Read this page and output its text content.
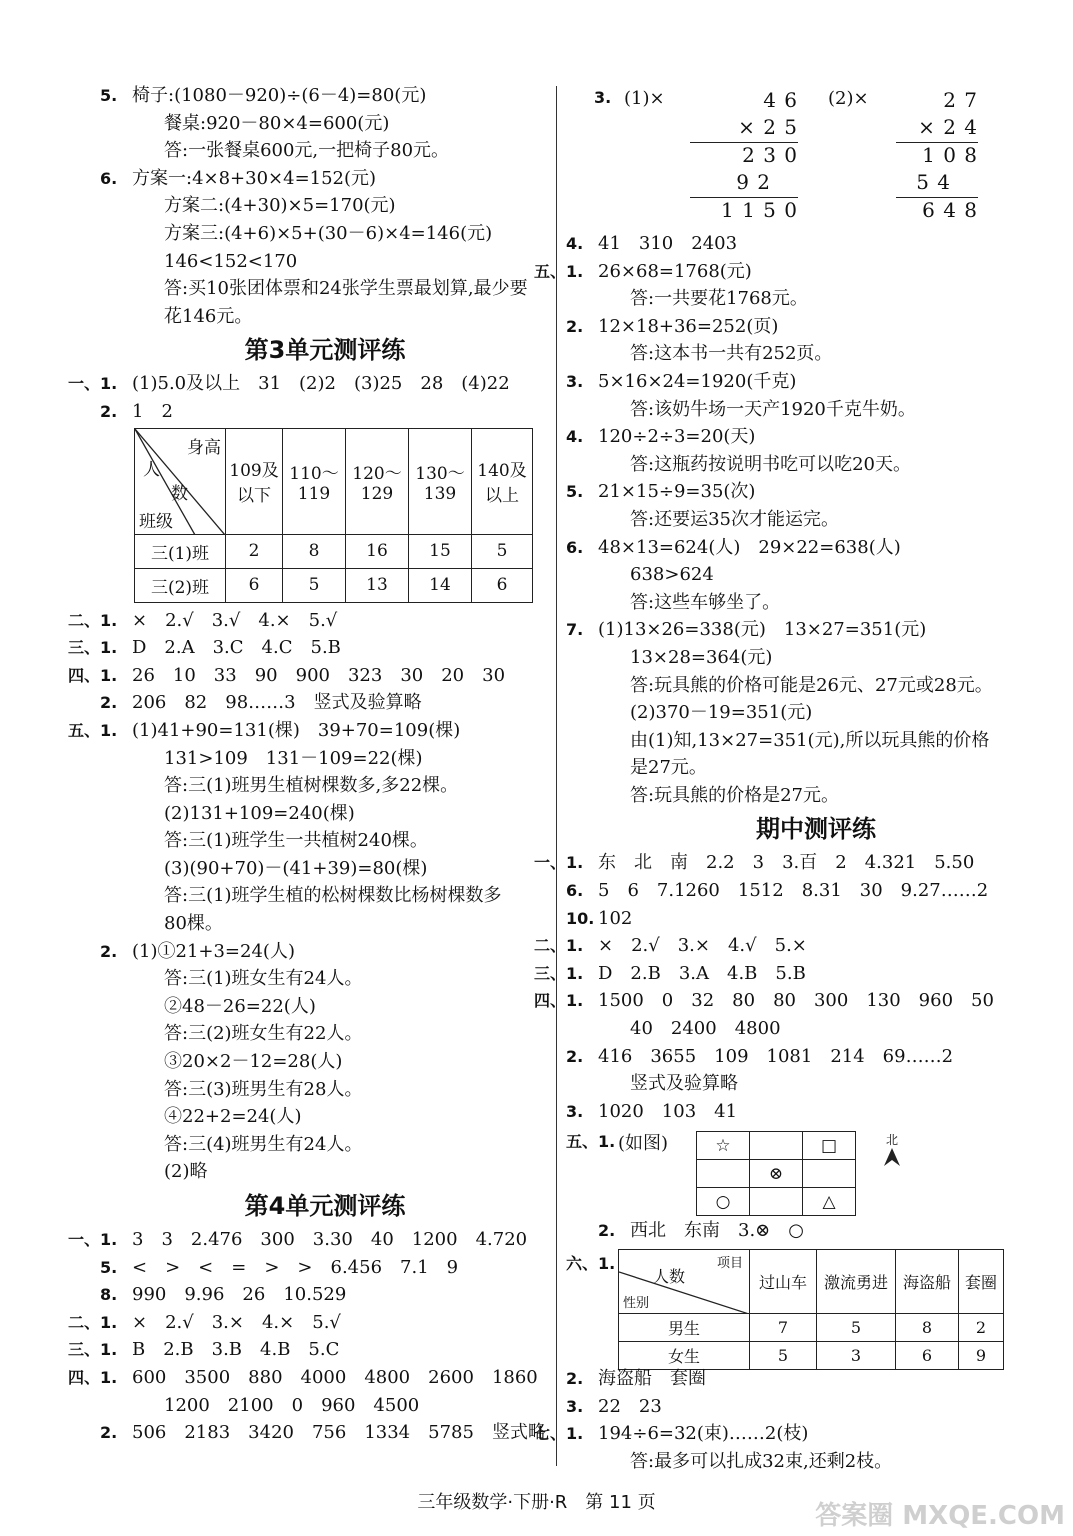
5. 椅子:(1080－920)÷(6－4)=80(元)
餐桌:920－80×4=600(元)
答:一张餐桌600元,一把椅子80元。
6. 方案一:4×8+30×4=152(元)
方案二:(4+30)×5=170(元)
方案三:(4+6)×5+(30－6)×4=146(元)
146<152<170
答:买10张团体票和24张学生票最划算,最少要
花146元。
第3单元测评练
一、1. (1)5.0及以上　31　(2)2　(3)25　28　(4)22
2. 1　2
身高
人
数
班级	109及以下	110～119	120～129	130～139	140及以上
三(1)班	2	8	16	15	5
三(2)班	6	5	13	14	6
二、1. ×　2.√　3.√　4.×　5.√
三、1. D　2.A　3.C　4.C　5.B
四、1. 26　10　33　90　900　323　30　20　30
2. 206　82　98……3　竖式及验算略
五、1. (1)41+90=131(棵)　39+70=109(棵)
131>109　131－109=22(棵)
答:三(1)班男生植树棵数多,多22棵。
(2)131+109=240(棵)
答:三(1)班学生一共植树240棵。
(3)(90+70)－(41+39)=80(棵)
答:三(1)班学生植的松树棵数比杨树棵数多
80棵。
2. (1)①21+3=24(人)
答:三(1)班女生有24人。
②48－26=22(人)
答:三(2)班女生有22人。
③20×2－12=28(人)
答:三(3)班男生有28人。
④22+2=24(人)
答:三(4)班男生有24人。
(2)略
第4单元测评练
一、1. 3　3　2.476　300　3.30　40　1200　4.720
5. <　>　<　=　>　>　6.456　7.1　9
8. 990　9.96　26　10.529
二、1. ×　2.√　3.×　4.×　5.√
三、1. B　2.B　3.B　4.B　5.C
四、1. 600　3500　880　4000　4800　2600　1860
1200　2100　0　960　4500
2. 506　2183　3420　756　1334　5785　竖式略
3. (1)×	4 6
× 2 5
2 3 0
9 2
1 1 5 0
(2)×	2 7
× 2 4
1 0 8
5 4
6 4 8
4. 41　310　2403
五、1. 26×68=1768(元)
答:一共要花1768元。
2. 12×18+36=252(页)
答:这本书一共有252页。
3. 5×16×24=1920(千克)
答:该奶牛场一天产1920千克牛奶。
4. 120÷2÷3=20(天)
答:这瓶药按说明书吃可以吃20天。
5. 21×15÷9=35(次)
答:还要运35次才能运完。
6. 48×13=624(人)　29×22=638(人)
638>624
答:这些车够坐了。
7. (1)13×26=338(元)　13×27=351(元)
13×28=364(元)
答:玩具熊的价格可能是26元、27元或28元。
(2)370－19=351(元)
由(1)知,13×27=351(元),所以玩具熊的价格
是27元。
答:玩具熊的价格是27元。
期中测评练
一、1. 东　北　南　2.2　3　3.百　2　4.321　5.50
6. 5　6　7.1260　1512　8.31　30　9.27……2
10. 102
二、1. ×　2.√　3.×　4.√　5.×
三、1. D　2.B　3.A　4.B　5.B
四、1. 1500　0　32　80　80　300　130　960　50
40　2400　4800
2. 416　3655　109　1081　214　69……2
竖式及验算略
3. 1020　103　41
五、1. (如图)	☆		□
	⊗	
○		△
北
2. 西北　东南　3.⊗　○
六、1.	项目
人数
性别	过山车	激流勇进	海盗船	套圈
男生	7	5	8	2
女生	5	3	6	9
2. 海盗船　套圈
3. 22　23
七、1. 194÷6=32(束)……2(枝)
答:最多可以扎成32束,还剩2枝。
三年级数学·下册·R　第 11 页	答案圈 MXQE.COM
